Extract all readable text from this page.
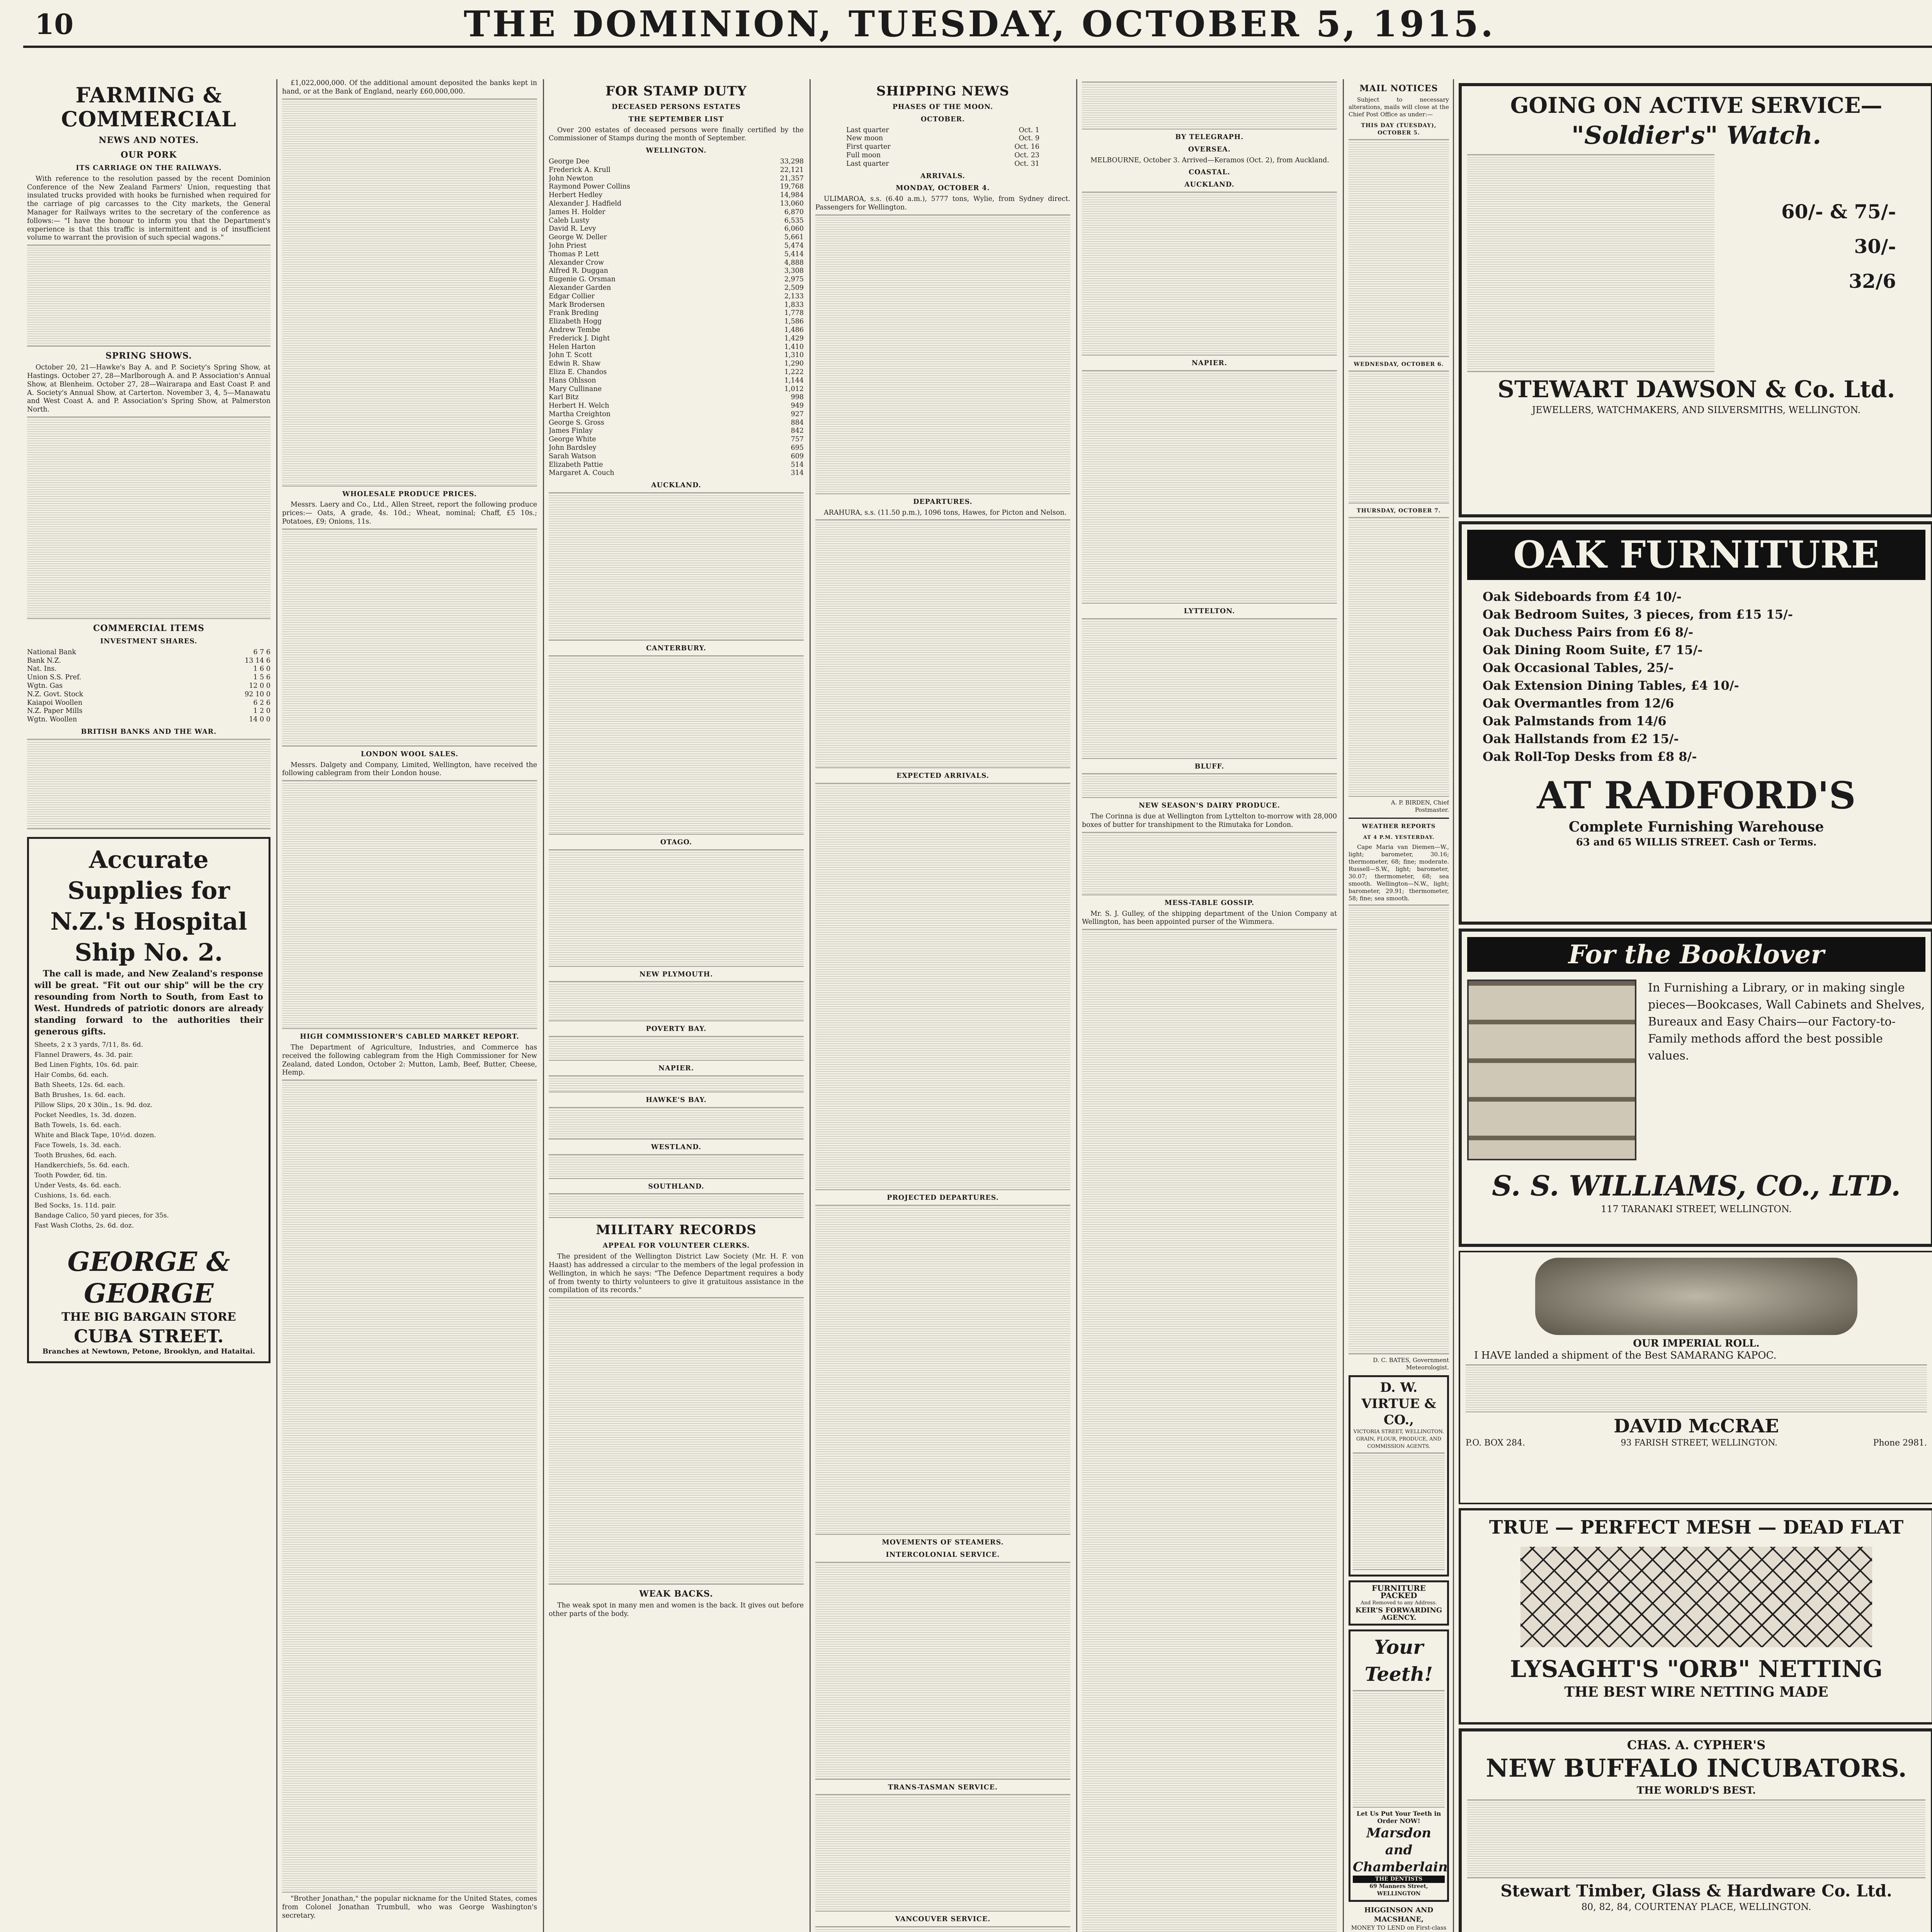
10	THE DOMINION, TUESDAY, OCTOBER 5, 1915.
FARMING & COMMERCIAL
NEWS AND NOTES.
OUR PORK
ITS CARRIAGE ON THE RAILWAYS.

With reference to the resolution passed by the recent Dominion Conference of the New Zealand Farmers' Union, requesting that insulated trucks provided with hooks be furnished when required for the carriage of pig carcasses to the City markets, the General Manager for Railways writes to the secretary of the conference as follows:— "I have the honour to inform you that the Department's experience is that this traffic is intermittent and is of insufficient volume to warrant the provision of such special wagons."

SPRING SHOWS.

October 20, 21—Hawke's Bay A. and P. Society's Spring Show, at Hastings. October 27, 28—Marlborough A. and P. Association's Annual Show, at Blenheim. October 27, 28—Wairarapa and East Coast P. and A. Society's Annual Show, at Carterton. November 3, 4, 5—Manawatu and West Coast A. and P. Association's Spring Show, at Palmerston North.

COMMERCIAL ITEMS
INVESTMENT SHARES.
National Bank	6 7 6
Bank N.Z.	13 14 6
Nat. Ins.	1 6 0
Union S.S. Pref.	1 5 6
Wgtn. Gas	12 0 0
N.Z. Govt. Stock	92 10 0
Kaiapoi Woollen	6 2 6
N.Z. Paper Mills	1 2 0
Wgtn. Woollen	14 0 0
BRITISH BANKS AND THE WAR.
Accurate Supplies for N.Z.'s Hospital Ship No. 2.

The call is made, and New Zealand's response will be great. "Fit out our ship" will be the cry resounding from North to South, from East to West. Hundreds of patriotic donors are already standing forward to the authorities their generous gifts.

Sheets, 2 x 3 yards, 7/11, 8s. 6d.
Flannel Drawers, 4s. 3d. pair.
Bed Linen Fights, 10s. 6d. pair.
Hair Combs, 6d. each.
Bath Sheets, 12s. 6d. each.
Bath Brushes, 1s. 6d. each.
Pillow Slips, 20 x 30in., 1s. 9d. doz.
Pocket Needles, 1s. 3d. dozen.
Bath Towels, 1s. 6d. each.
White and Black Tape, 10½d. dozen.
Face Towels, 1s. 3d. each.
Tooth Brushes, 6d. each.
Handkerchiefs, 5s. 6d. each.
Tooth Powder, 6d. tin.
Under Vests, 4s. 6d. each.
Cushions, 1s. 6d. each.
Bed Socks, 1s. 11d. pair.
Bandage Calico, 50 yard pieces, for 35s.
Fast Wash Cloths, 2s. 6d. doz.
GEORGE & GEORGE
THE BIG BARGAIN STORE
CUBA STREET.
Branches at Newtown, Petone, Brooklyn, and Hataitai.

£1,022,000,000. Of the additional amount deposited the banks kept in hand, or at the Bank of England, nearly £60,000,000.

WHOLESALE PRODUCE PRICES.

Messrs. Laery and Co., Ltd., Allen Street, report the following produce prices:— Oats, A grade, 4s. 10d.; Wheat, nominal; Chaff, £5 10s.; Potatoes, £9; Onions, 11s.

LONDON WOOL SALES.

Messrs. Dalgety and Company, Limited, Wellington, have received the following cablegram from their London house.

HIGH COMMISSIONER'S CABLED MARKET REPORT.

The Department of Agriculture, Industries, and Commerce has received the following cablegram from the High Commissioner for New Zealand, dated London, October 2: Mutton, Lamb, Beef, Butter, Cheese, Hemp.

"Brother Jonathan," the popular nickname for the United States, comes from Colonel Jonathan Trumbull, who was George Washington's secretary.

FOR STAMP DUTY
DECEASED PERSONS ESTATES
THE SEPTEMBER LIST

Over 200 estates of deceased persons were finally certified by the Commissioner of Stamps during the month of September.

WELLINGTON.
George Dee	33,298
Frederick A. Krull	22,121
John Newton	21,357
Raymond Power Collins	19,768
Herbert Hedley	14,984
Alexander J. Hadfield	13,060
James H. Holder	6,870
Caleb Lusty	6,535
David R. Levy	6,060
George W. Deller	5,661
John Priest	5,474
Thomas P. Lett	5,414
Alexander Crow	4,888
Alfred R. Duggan	3,308
Eugenie G. Orsman	2,975
Alexander Garden	2,509
Edgar Collier	2,133
Mark Brodersen	1,833
Frank Breding	1,778
Elizabeth Hogg	1,586
Andrew Tembe	1,486
Frederick J. Dight	1,429
Helen Harton	1,410
John T. Scott	1,310
Edwin R. Shaw	1,290
Eliza E. Chandos	1,222
Hans Ohlsson	1,144
Mary Cullinane	1,012
Karl Bitz	998
Herbert H. Welch	949
Martha Creighton	927
George S. Gross	884
James Finlay	842
George White	757
John Bardsley	695
Sarah Watson	609
Elizabeth Pattie	514
Margaret A. Couch	314
AUCKLAND.
CANTERBURY.
OTAGO.
NEW PLYMOUTH.
POVERTY BAY.
NAPIER.
HAWKE'S BAY.
WESTLAND.
SOUTHLAND.
MILITARY RECORDS
APPEAL FOR VOLUNTEER CLERKS.

The president of the Wellington District Law Society (Mr. H. F. von Haast) has addressed a circular to the members of the legal profession in Wellington, in which he says: "The Defence Department requires a body of from twenty to thirty volunteers to give it gratuitous assistance in the compilation of its records."

WEAK BACKS.

The weak spot in many men and women is the back. It gives out before other parts of the body.

SHIPPING NEWS
PHASES OF THE MOON.
OCTOBER.
Last quarter	Oct. 1
New moon	Oct. 9
First quarter	Oct. 16
Full moon	Oct. 23
Last quarter	Oct. 31
ARRIVALS.
MONDAY, OCTOBER 4.

ULIMAROA, s.s. (6.40 a.m.), 5777 tons, Wylie, from Sydney direct. Passengers for Wellington.

DEPARTURES.

ARAHURA, s.s. (11.50 p.m.), 1096 tons, Hawes, for Picton and Nelson.

EXPECTED ARRIVALS.
PROJECTED DEPARTURES.
MOVEMENTS OF STEAMERS.
INTERCOLONIAL SERVICE.
TRANS-TASMAN SERVICE.
VANCOUVER SERVICE.
BY TELEGRAPH.
OVERSEA.

MELBOURNE, October 3. Arrived—Keramos (Oct. 2), from Auckland.

COASTAL.
AUCKLAND.
NAPIER.
LYTTELTON.
BLUFF.
NEW SEASON'S DAIRY PRODUCE.

The Corinna is due at Wellington from Lyttelton to-morrow with 28,000 boxes of butter for transhipment to the Rimutaka for London.

MESS-TABLE GOSSIP.

Mr. S. J. Gulley, of the shipping department of the Union Company at Wellington, has been appointed purser of the Wimmera.

MAIL NOTICES

Subject to necessary alterations, mails will close at the Chief Post Office as under:—

THIS DAY (TUESDAY), OCTOBER 5.
WEDNESDAY, OCTOBER 6.
THURSDAY, OCTOBER 7.

A. P. BIRDEN, Chief Postmaster.

WEATHER REPORTS
AT 4 P.M. YESTERDAY.

Cape Maria van Diemen—W., light; barometer, 30.16; thermometer, 68; fine; moderate. Russell—S.W., light; barometer, 30.07; thermometer, 68; sea smooth. Wellington—N.W., light; barometer, 29.91; thermometer, 58; fine; sea smooth.

D. C. BATES, Government Meteorologist.

D. W. VIRTUE & CO.,
VICTORIA STREET, WELLINGTON. GRAIN, FLOUR, PRODUCE, AND COMMISSION AGENTS.
FURNITURE PACKED
And Removed to any Address.
KEIR'S FORWARDING AGENCY.
Your Teeth!
Let Us Put Your Teeth in Order NOW!
Marsdon and Chamberlain
THE DENTISTS
69 Manners Street, WELLINGTON
HIGGINSON AND MACSHANE,
MONEY TO LEND on First-class
GOING ON ACTIVE SERVICE—
"Soldier's" Watch.
60/- & 75/-
30/-
32/6
STEWART DAWSON & Co. Ltd.
JEWELLERS, WATCHMAKERS, AND SILVERSMITHS, WELLINGTON.
OAK FURNITURE
Oak Sideboards from £4 10/-
Oak Bedroom Suites, 3 pieces, from £15 15/-
Oak Duchess Pairs from £6 8/-
Oak Dining Room Suite, £7 15/-
Oak Occasional Tables, 25/-
Oak Extension Dining Tables, £4 10/-
Oak Overmantles from 12/6
Oak Palmstands from 14/6
Oak Hallstands from £2 15/-
Oak Roll-Top Desks from £8 8/-
AT RADFORD'S
Complete Furnishing Warehouse
63 and 65 WILLIS STREET. Cash or Terms.
For the Booklover

In Furnishing a Library, or in making single pieces—Bookcases, Wall Cabinets and Shelves, Bureaux and Easy Chairs—our Factory-to-Family methods afford the best possible values.

S. S. WILLIAMS, CO., LTD.
117 TARANAKI STREET, WELLINGTON.
OUR IMPERIAL ROLL.

I HAVE landed a shipment of the Best SAMARANG KAPOC.

DAVID McCRAE
P.O. BOX 284.	93 FARISH STREET, WELLINGTON.	Phone 2981.
TRUE — PERFECT MESH — DEAD FLAT
LYSAGHT'S "ORB" NETTING
THE BEST WIRE NETTING MADE
CHAS. A. CYPHER'S
NEW BUFFALO INCUBATORS.
THE WORLD'S BEST.
Stewart Timber, Glass & Hardware Co. Ltd.
80, 82, 84, COURTENAY PLACE, WELLINGTON.
